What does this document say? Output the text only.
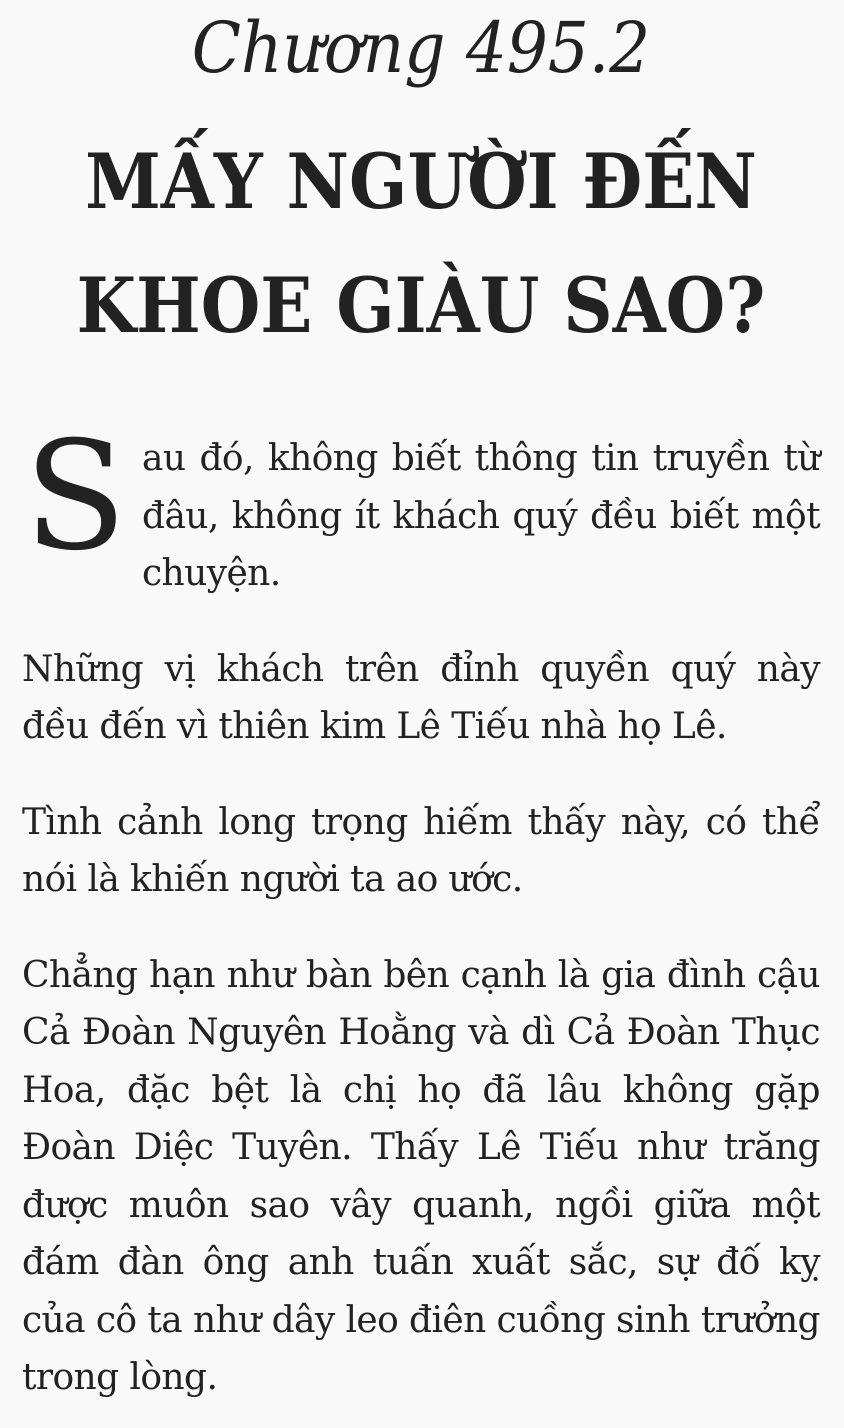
Chương 495.2
MẤY NGƯỜI ĐẾN
KHOE GIÀU SAO?

S au đó, không biết thông tin truyền từ đâu, không ít khách quý đều biết một chuyện.

Những vị khách trên đỉnh quyền quý này đều đến vì thiên kim Lê Tiếu nhà họ Lê.

Tình cảnh long trọng hiếm thấy này, có thể nói là khiến người ta ao ước.

Chẳng hạn như bàn bên cạnh là gia đình cậu Cả Đoàn Nguyên Hoằng và dì Cả Đoàn Thục Hoa, đặc bệt là chị họ đã lâu không gặp Đoàn Diệc Tuyên. Thấy Lê Tiếu như trăng được muôn sao vây quanh, ngồi giữa một đám đàn ông anh tuấn xuất sắc, sự đố kỵ của cô ta như dây leo điên cuồng sinh trưởng trong lòng.
